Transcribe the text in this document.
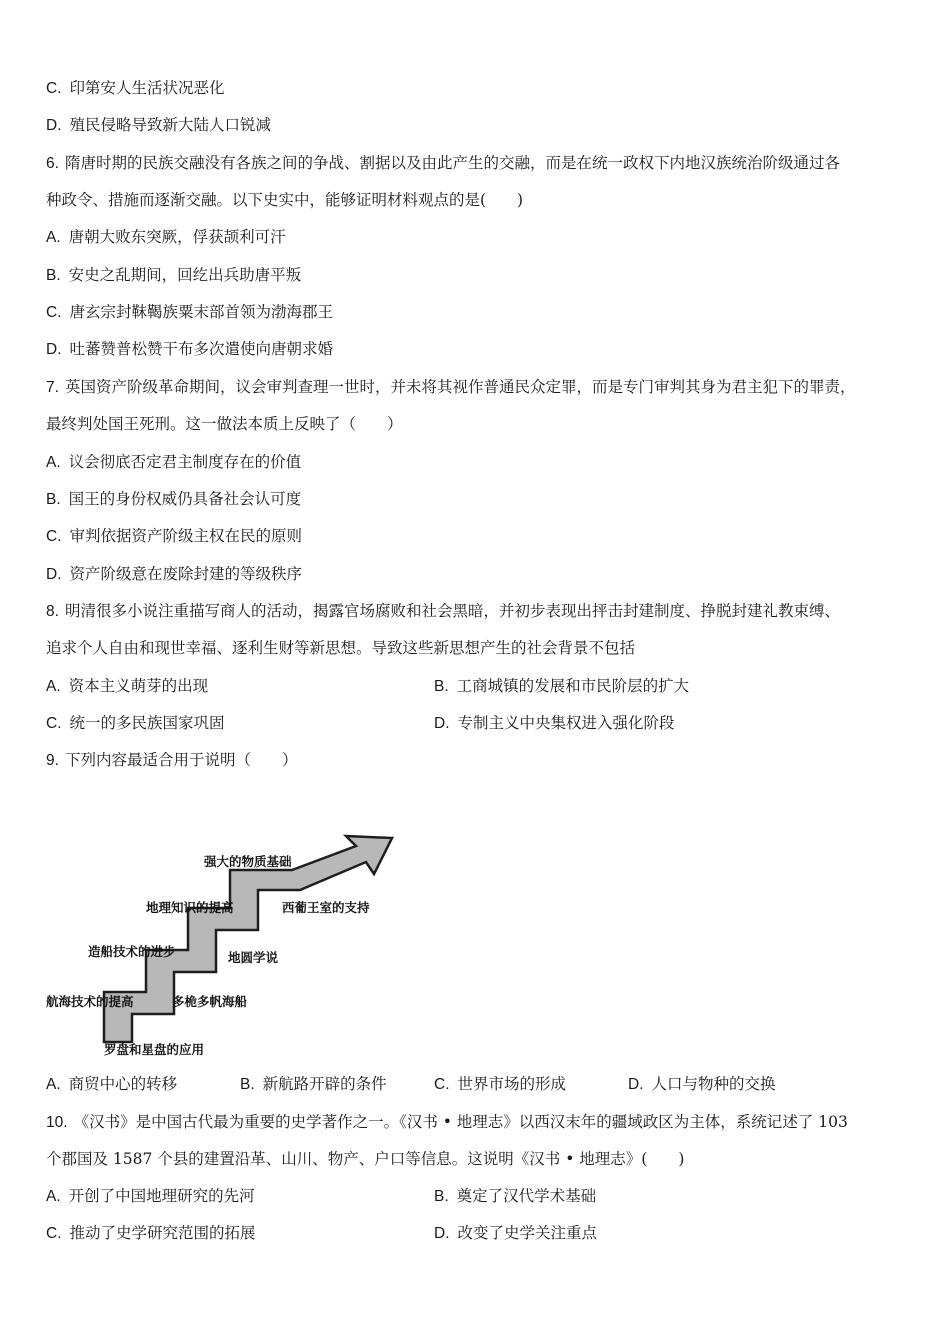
C. 印第安人生活状况恶化
D. 殖民侵略导致新大陆人口锐减
6. 隋唐时期的民族交融没有各族之间的争战、割据以及由此产生的交融，而是在统一政权下内地汉族统治阶级通过各
种政令、措施而逐渐交融。以下史实中，能够证明材料观点的是(　　)
A. 唐朝大败东突厥，俘获颉利可汗
B. 安史之乱期间，回纥出兵助唐平叛
C. 唐玄宗封靺鞨族粟末部首领为渤海郡王
D. 吐蕃赞普松赞干布多次遣使向唐朝求婚
7. 英国资产阶级革命期间，议会审判查理一世时，并未将其视作普通民众定罪，而是专门审判其身为君主犯下的罪责，
最终判处国王死刑。这一做法本质上反映了（　　）
A. 议会彻底否定君主制度存在的价值
B. 国王的身份权威仍具备社会认可度
C. 审判依据资产阶级主权在民的原则
D. 资产阶级意在废除封建的等级秩序
8. 明清很多小说注重描写商人的活动，揭露官场腐败和社会黑暗，并初步表现出抨击封建制度、挣脱封建礼教束缚、
追求个人自由和现世幸福、逐利生财等新思想。导致这些新思想产生的社会背景不包括
A. 资本主义萌芽的出现	B. 工商城镇的发展和市民阶层的扩大
C. 统一的多民族国家巩固	D. 专制主义中央集权进入强化阶段
9. 下列内容最适合用于说明（　　）
强大的物质基础
地理知识的提高	西葡王室的支持
造船技术的进步	地圆学说
航海技术的提高	多桅多帆海船
罗盘和星盘的应用
A. 商贸中心的转移	B. 新航路开辟的条件	C. 世界市场的形成	D. 人口与物种的交换
10. 《汉书》是中国古代最为重要的史学著作之一。《汉书 • 地理志》以西汉末年的疆域政区为主体，系统记述了 103
个郡国及 1587 个县的建置沿革、山川、物产、户口等信息。这说明《汉书 • 地理志》(　　)
A. 开创了中国地理研究的先河	B. 奠定了汉代学术基础
C. 推动了史学研究范围的拓展	D. 改变了史学关注重点
